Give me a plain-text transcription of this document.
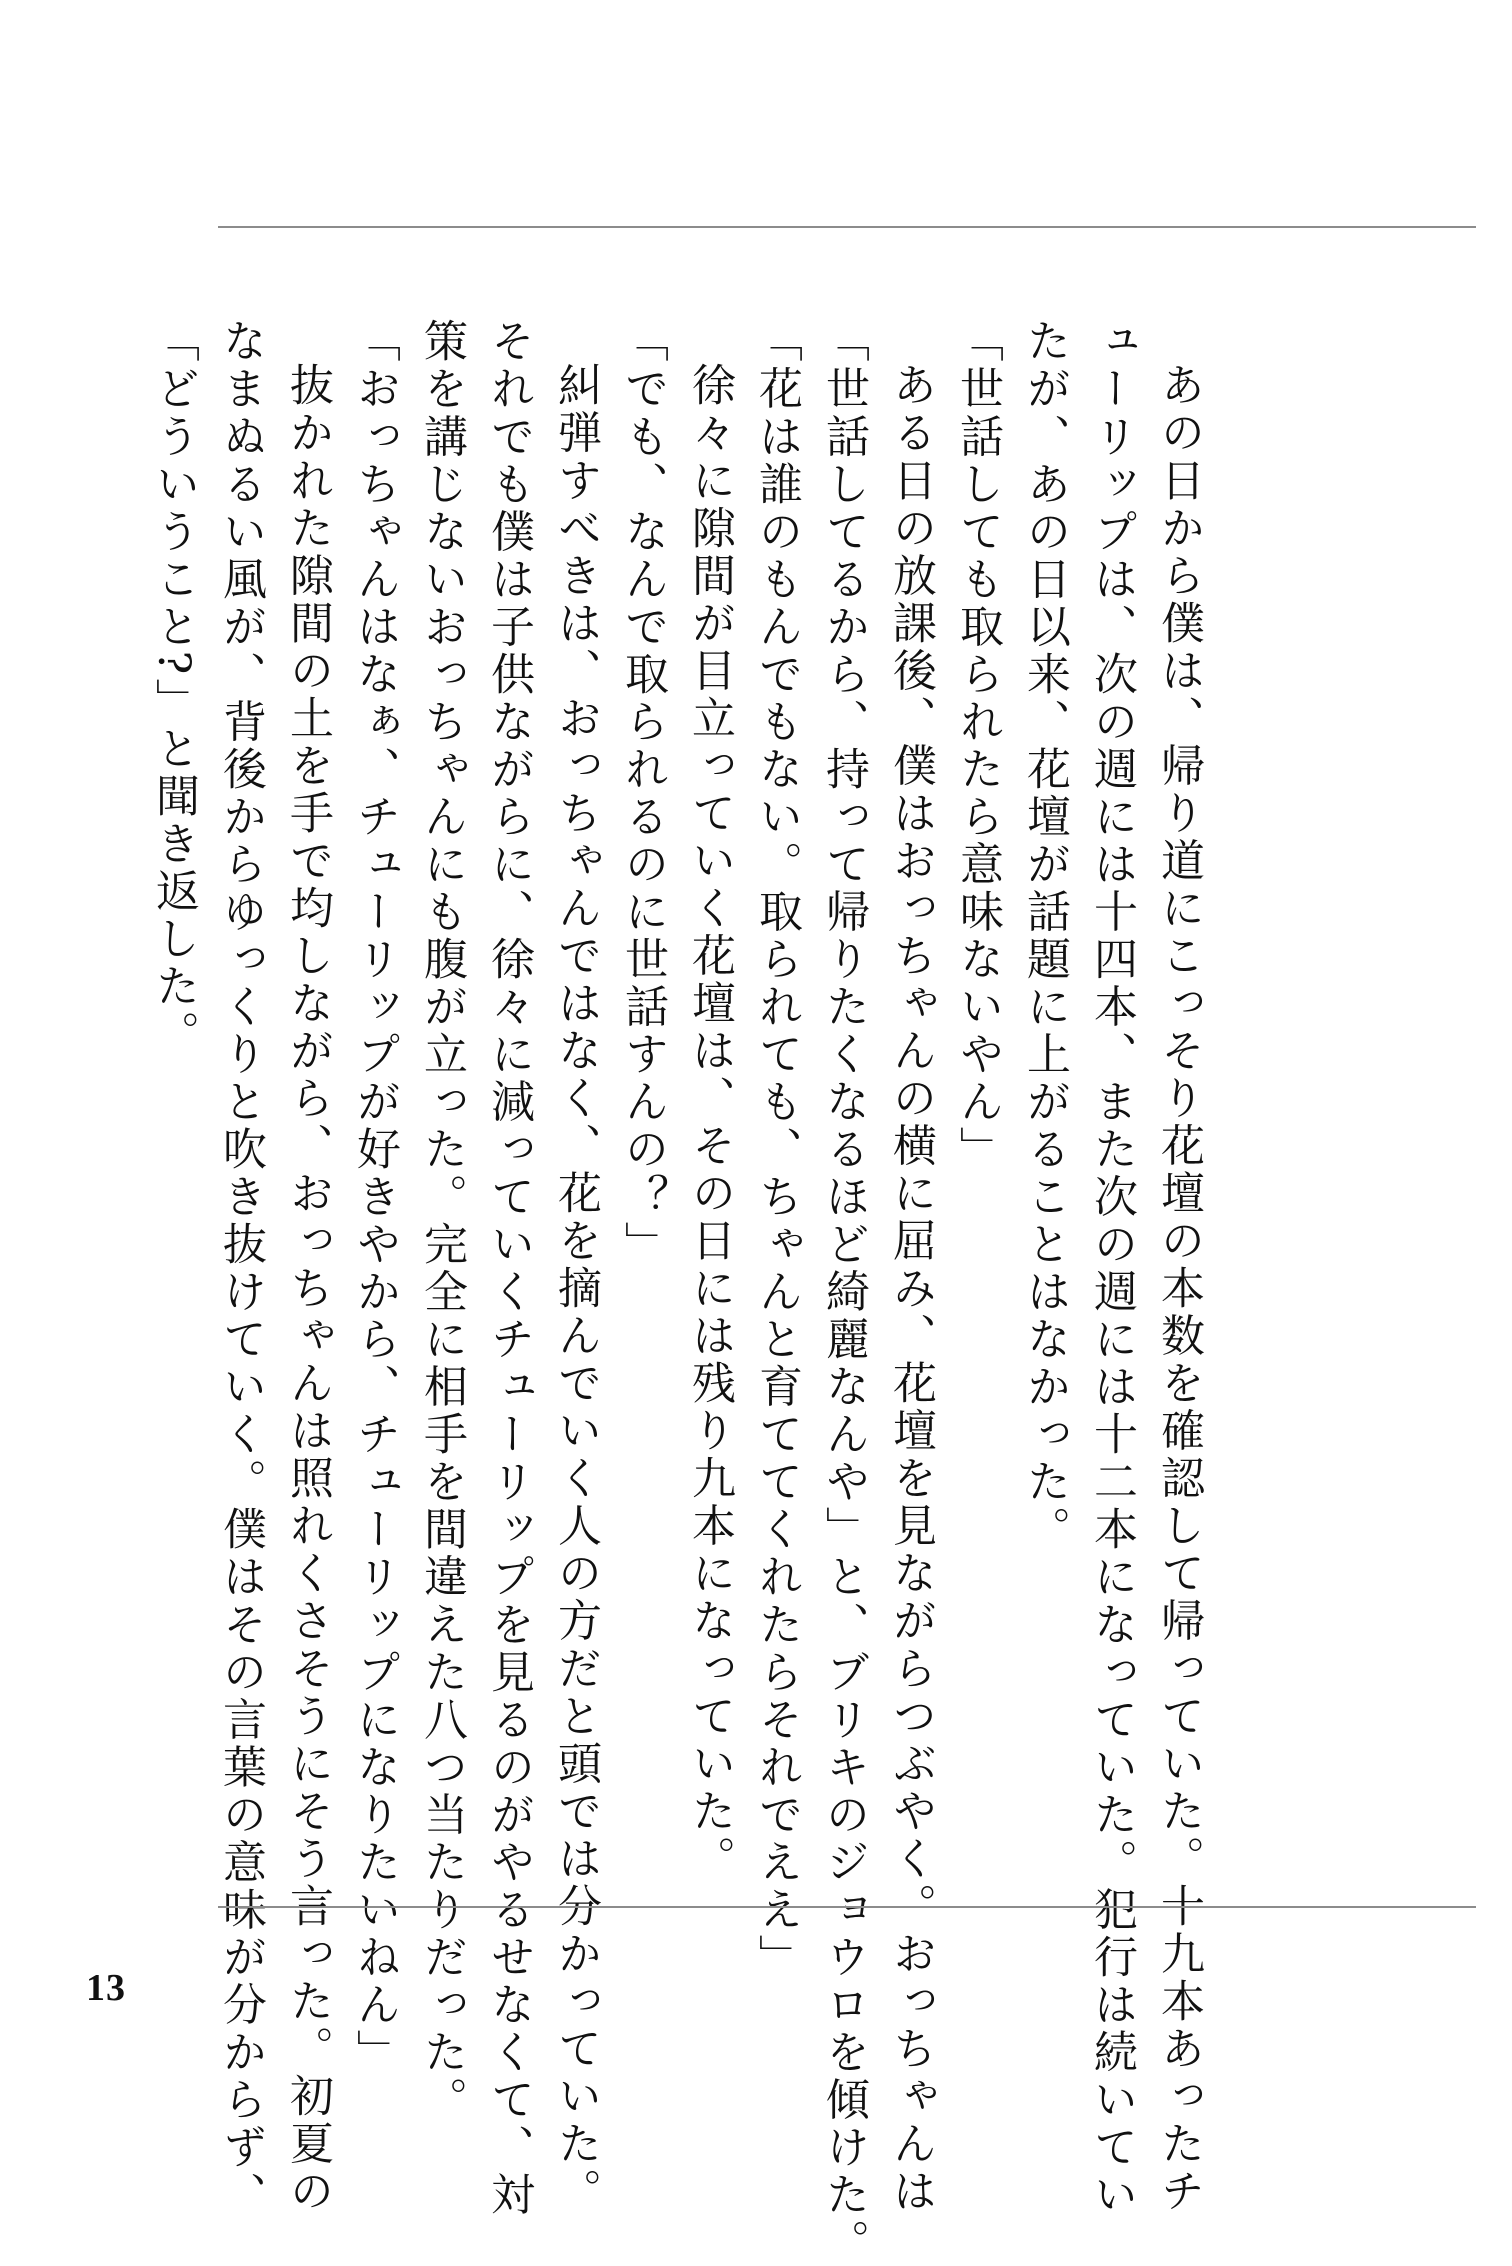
あの日から僕は、帰り道にこっそり花壇の本数を確認して帰っていた。十九本あったチ
ューリップは、次の週には十四本、また次の週には十二本になっていた。犯行は続いてい
たが、あの日以来、花壇が話題に上がることはなかった。
「世話しても取られたら意味ないやん」
ある日の放課後、僕はおっちゃんの横に屈み、花壇を見ながらつぶやく。おっちゃんは
「世話してるから、持って帰りたくなるほど綺麗なんや」と、ブリキのジョウロを傾けた。
「花は誰のもんでもない。取られても、ちゃんと育ててくれたらそれでええ」
徐々に隙間が目立っていく花壇は、その日には残り九本になっていた。
「でも、なんで取られるのに世話すんの？」
糾弾すべきは、おっちゃんではなく、花を摘んでいく人の方だと頭では分かっていた。
それでも僕は子供ながらに、徐々に減っていくチューリップを見るのがやるせなくて、対
策を講じないおっちゃんにも腹が立った。完全に相手を間違えた八つ当たりだった。
「おっちゃんはなぁ、チューリップが好きやから、チューリップになりたいねん」
抜かれた隙間の土を手で均しながら、おっちゃんは照れくさそうにそう言った。初夏の
なまぬるい風が、背後からゆっくりと吹き抜けていく。僕はその言葉の意味が分からず、
「どういうこと?」と聞き返した。
13
